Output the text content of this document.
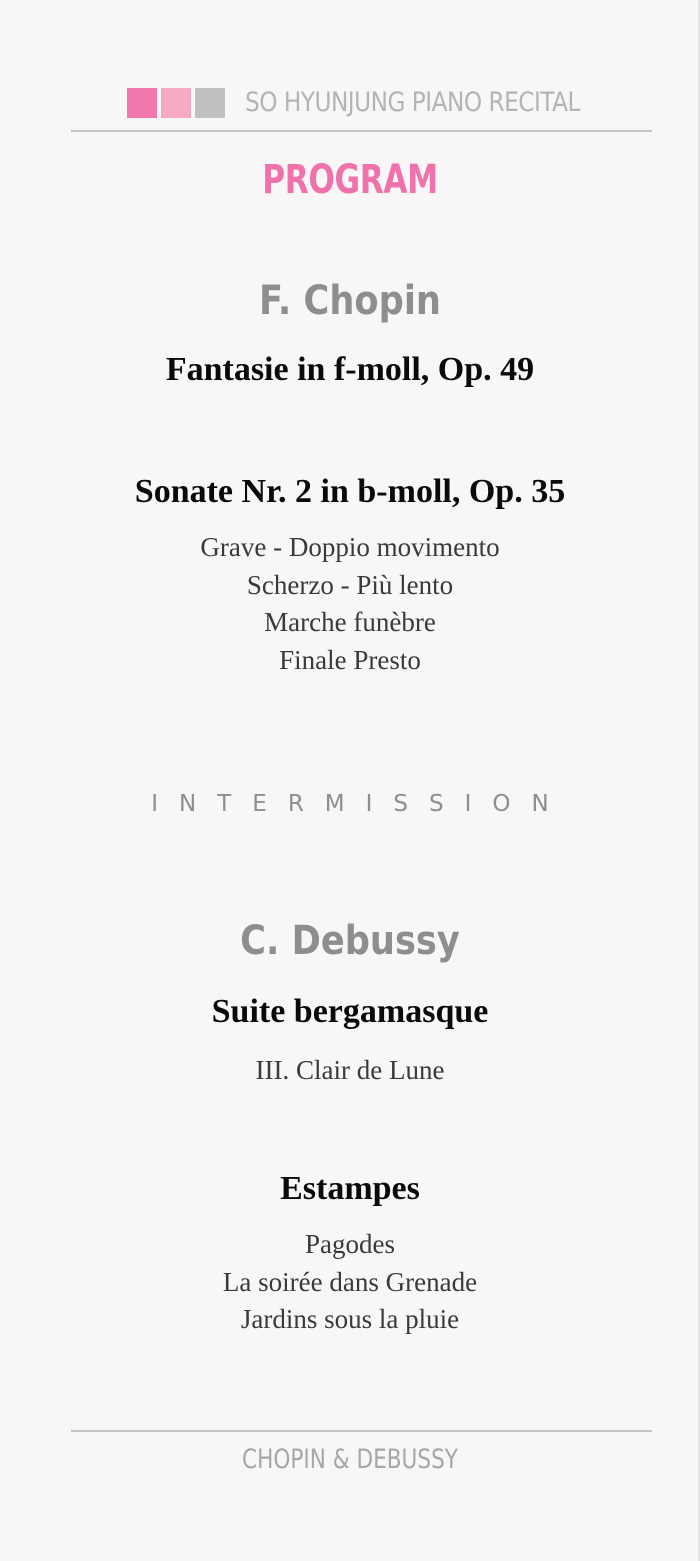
SO HYUNJUNG PIANO RECITAL
PROGRAM
F. Chopin
Fantasie in f-moll, Op. 49
Sonate Nr. 2 in b-moll, Op. 35
Grave - Doppio movimento
Scherzo - Più lento
Marche funèbre
Finale Presto
INTERMISSION
C. Debussy
Suite bergamasque
III. Clair de Lune
Estampes
Pagodes
La soirée dans Grenade
Jardins sous la pluie
CHOPIN & DEBUSSY
